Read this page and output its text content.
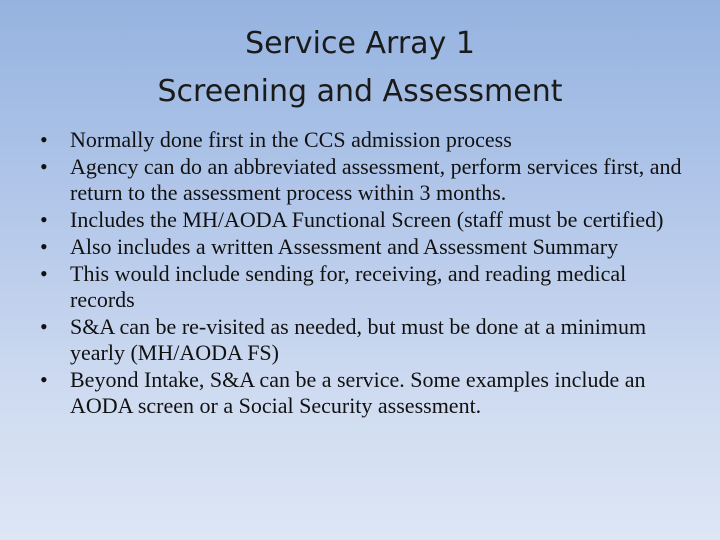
Service Array 1
Screening and Assessment
•	Normally done first in the CCS admission process
•	Agency can do an abbreviated assessment, perform services first, and return to the assessment process within 3 months.
•	Includes the MH/AODA Functional Screen (staff must be certified)
•	Also includes a written Assessment and Assessment Summary
•	This would include sending for, receiving, and reading medical records
•	S&A can be re-visited as needed, but must be done at a minimum yearly (MH/AODA FS)
•	Beyond Intake, S&A can be a service. Some examples include an AODA screen or a Social Security assessment.
